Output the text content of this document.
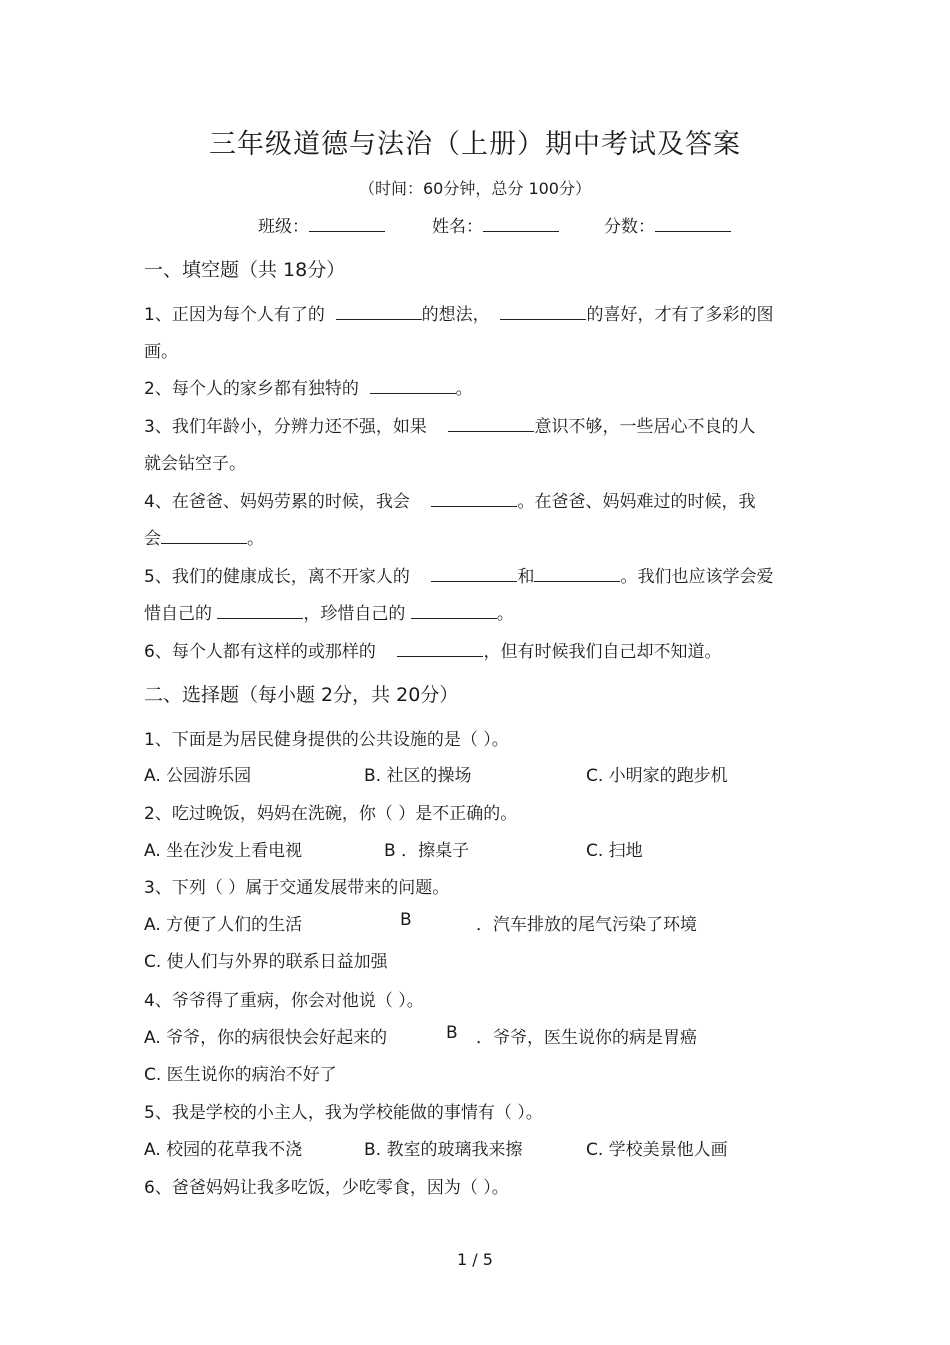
三年级道德与法治（上册）期中考试及答案
（时间：60分钟，总分 100分）
班级：	姓名：	分数：
一、填空题（共 18分）
1、正因为每个人有了的	的想法，	的喜好，才有了多彩的图
画。
2、每个人的家乡都有独特的	。
3、我们年龄小，分辨力还不强，如果	意识不够，一些居心不良的人
就会钻空子。
4、在爸爸、妈妈劳累的时候，我会	。在爸爸、妈妈难过的时候，我
会	。
5、我们的健康成长，离不开家人的	和	。我们也应该学会爱
惜自己的	，珍惜自己的	。
6、每个人都有这样的或那样的	，但有时候我们自己却不知道。
二、选择题（每小题 2分，共 20分）
1、下面是为居民健身提供的公共设施的是（ ）。
A. 公园游乐园	B. 社区的操场	C. 小明家的跑步机
2、吃过晚饭，妈妈在洗碗，你（ ）是不正确的。
A. 坐在沙发上看电视	B ．擦桌子	C. 扫地
3、下列（ ）属于交通发展带来的问题。
A. 方便了人们的生活	B	．汽车排放的尾气污染了环境
C. 使人们与外界的联系日益加强
4、爷爷得了重病，你会对他说（ ）。
A. 爷爷，你的病很快会好起来的	B ．爷爷，医生说你的病是胃癌
C. 医生说你的病治不好了
5、我是学校的小主人，我为学校能做的事情有（ ）。
A. 校园的花草我不浇	B. 教室的玻璃我来擦	C. 学校美景他人画
6、爸爸妈妈让我多吃饭，少吃零食，因为（ ）。
1 / 5
